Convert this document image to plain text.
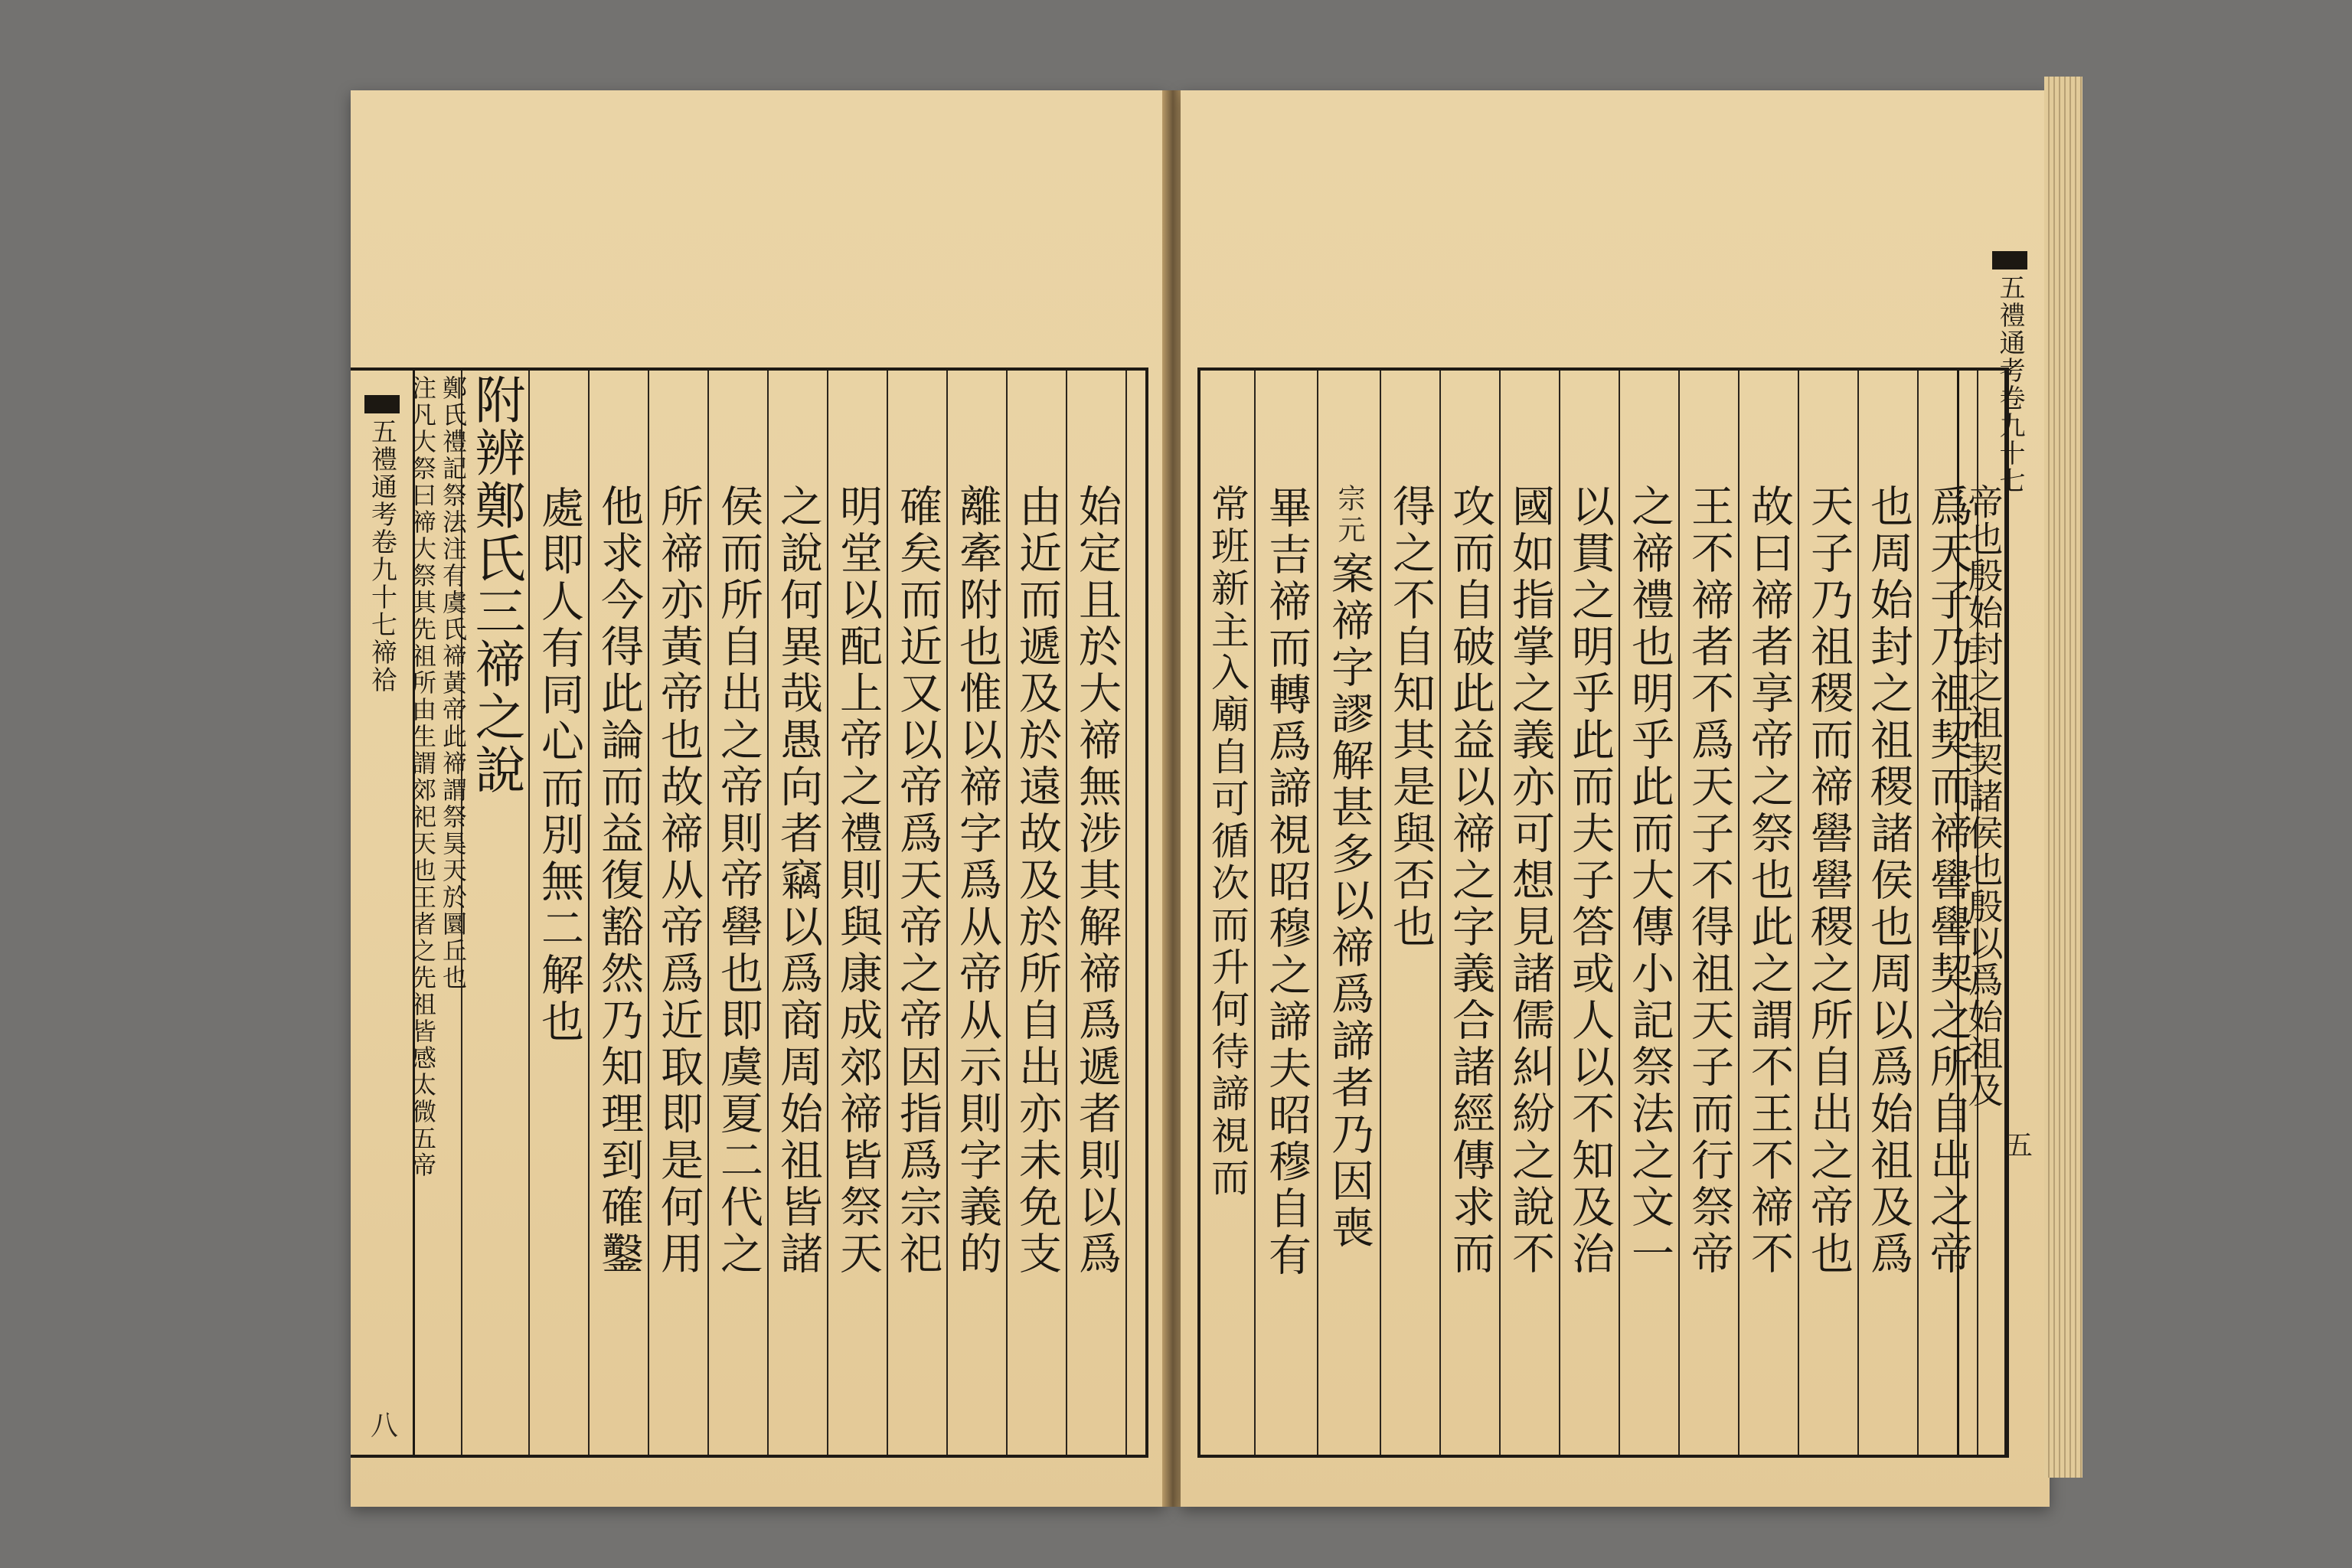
五禮通考卷九十七禘祫
八
鄭氏禮記祭法注有虞氏禘黃帝此禘謂祭昊天於圜丘也
注凡大祭曰禘大祭其先祖所由生謂郊祀天也王者之先祖皆感太微五帝 附辨鄭氏三禘之說 處即人有同心而別無二解也 他求今得此論而益復豁然乃知理到確鑿 所禘亦黃帝也故禘从帝爲近取即是何用 侯而所自出之帝則帝嚳也即虞夏二代之 之說何異哉愚向者竊以爲商周始祖皆諸 明堂以配上帝之禮則與康成郊禘皆祭天 確矣而近又以帝爲天帝之帝因指爲宗祀 離牽附也惟以禘字爲从帝从示則字義的 由近而遞及於遠故及於所自出亦未免支 始定且於大禘無涉其解禘爲遞者則以爲 常班新主入廟自可循次而升何待諦視而 畢吉禘而轉爲諦視昭穆之諦夫昭穆自有 宗元
案禘字謬解甚多以禘爲諦者乃因喪 得之不自知其是與否也 攻而自破此益以禘之字義合諸經傳求而 國如指掌之義亦可想見諸儒糾紛之說不 以貫之明乎此而夫子答或人以不知及治 之禘禮也明乎此而大傳小記祭法之文一 王不禘者不爲天子不得祖天子而行祭帝 故曰禘者享帝之祭也此之謂不王不禘不 天子乃祖稷而禘嚳嚳稷之所自出之帝也 也周始封之祖稷諸侯也周以爲始祖及爲 爲天子乃祖契而禘嚳嚳契之所自出之帝
帝也殷始封之祖契諸侯也殷以爲始祖及
五禮通考卷九十七
五
